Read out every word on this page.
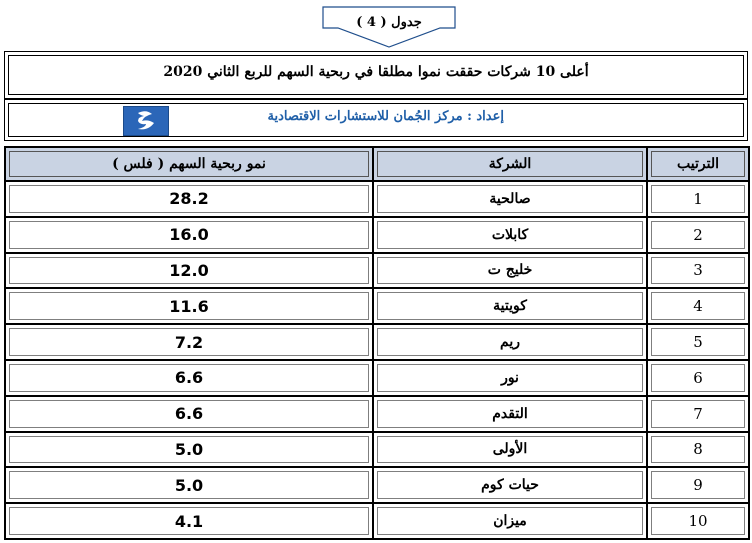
جدول ( 4 )
أعلى 10 شركات حققت نموا مطلقا في ربحية السهم للربع الثاني 2020
إعداد : مركز الجُمان للاستشارات الاقتصادية
نمو ربحية السهم ( فلس )	الشركة	الترتيب

28.2	صالحية	1

16.0	كابلات	2

12.0	خليج ت	3

11.6	كويتية	4

7.2	ريم	5

6.6	نور	6

6.6	التقدم	7

5.0	الأولى	8

5.0	حيات كوم	9

4.1	ميزان	10
